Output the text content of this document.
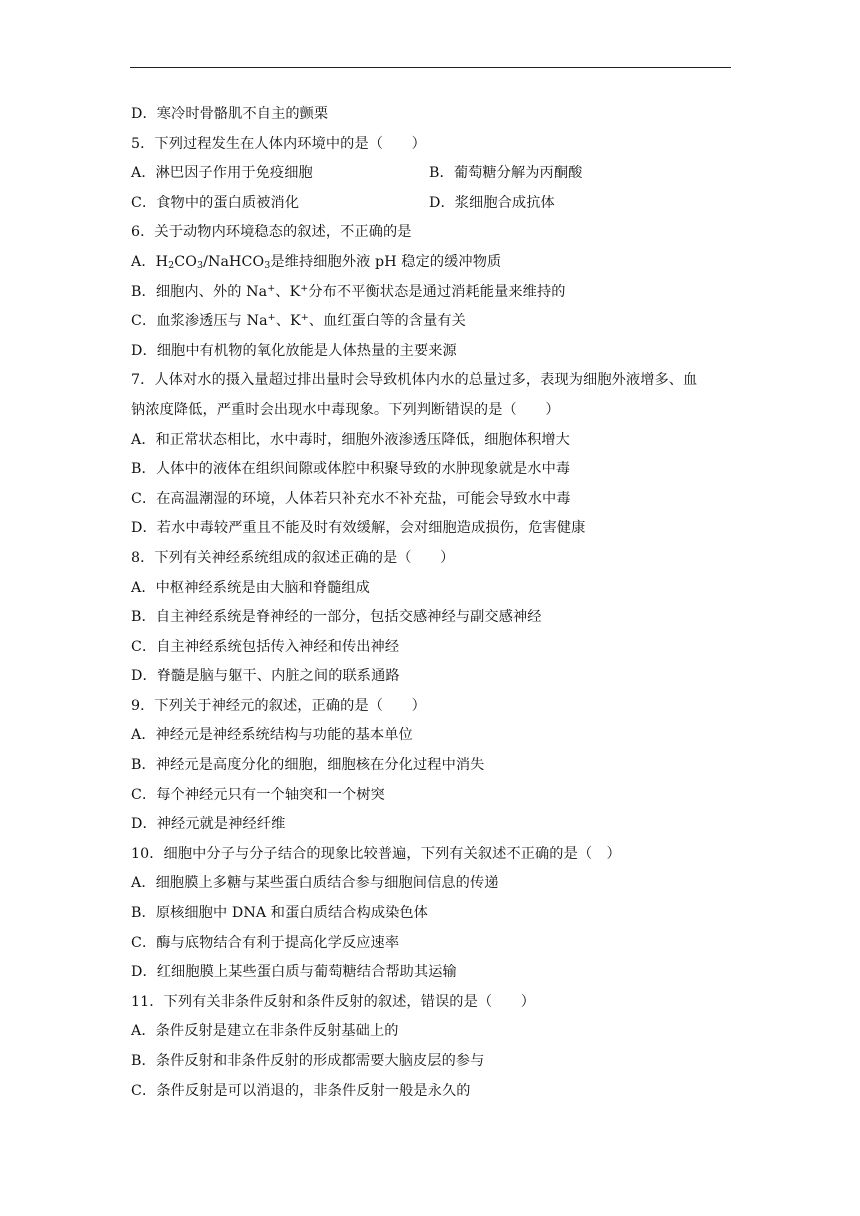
D．寒冷时骨骼肌不自主的颤栗
5．下列过程发生在人体内环境中的是（　　）
A．淋巴因子作用于免疫细胞	B．葡萄糖分解为丙酮酸
C．食物中的蛋白质被消化	D．浆细胞合成抗体
6．关于动物内环境稳态的叙述，不正确的是
A．$H_2CO_3/NaHCO_3$是维持细胞外液 pH 稳定的缓冲物质
B．细胞内、外的 Na+、K+分布不平衡状态是通过消耗能量来维持的
C．血浆渗透压与 Na+、K+、血红蛋白等的含量有关
D．细胞中有机物的氧化放能是人体热量的主要来源
7．人体对水的摄入量超过排出量时会导致机体内水的总量过多，表现为细胞外液增多、血
钠浓度降低，严重时会出现水中毒现象。下列判断错误的是（　　）
A．和正常状态相比，水中毒时，细胞外液渗透压降低，细胞体积增大
B．人体中的液体在组织间隙或体腔中积聚导致的水肿现象就是水中毒
C．在高温潮湿的环境，人体若只补充水不补充盐，可能会导致水中毒
D．若水中毒较严重且不能及时有效缓解，会对细胞造成损伤，危害健康
8．下列有关神经系统组成的叙述正确的是（　　）
A．中枢神经系统是由大脑和脊髓组成
B．自主神经系统是脊神经的一部分，包括交感神经与副交感神经
C．自主神经系统包括传入神经和传出神经
D．脊髓是脑与躯干、内脏之间的联系通路
9．下列关于神经元的叙述，正确的是（　　）
A．神经元是神经系统结构与功能的基本单位
B．神经元是高度分化的细胞，细胞核在分化过程中消失
C．每个神经元只有一个轴突和一个树突
D．神经元就是神经纤维
10．细胞中分子与分子结合的现象比较普遍，下列有关叙述不正确的是（　）
A．细胞膜上多糖与某些蛋白质结合参与细胞间信息的传递
B．原核细胞中 DNA 和蛋白质结合构成染色体
C．酶与底物结合有利于提高化学反应速率
D．红细胞膜上某些蛋白质与葡萄糖结合帮助其运输
11．下列有关非条件反射和条件反射的叙述，错误的是（　　）
A．条件反射是建立在非条件反射基础上的
B．条件反射和非条件反射的形成都需要大脑皮层的参与
C．条件反射是可以消退的，非条件反射一般是永久的
